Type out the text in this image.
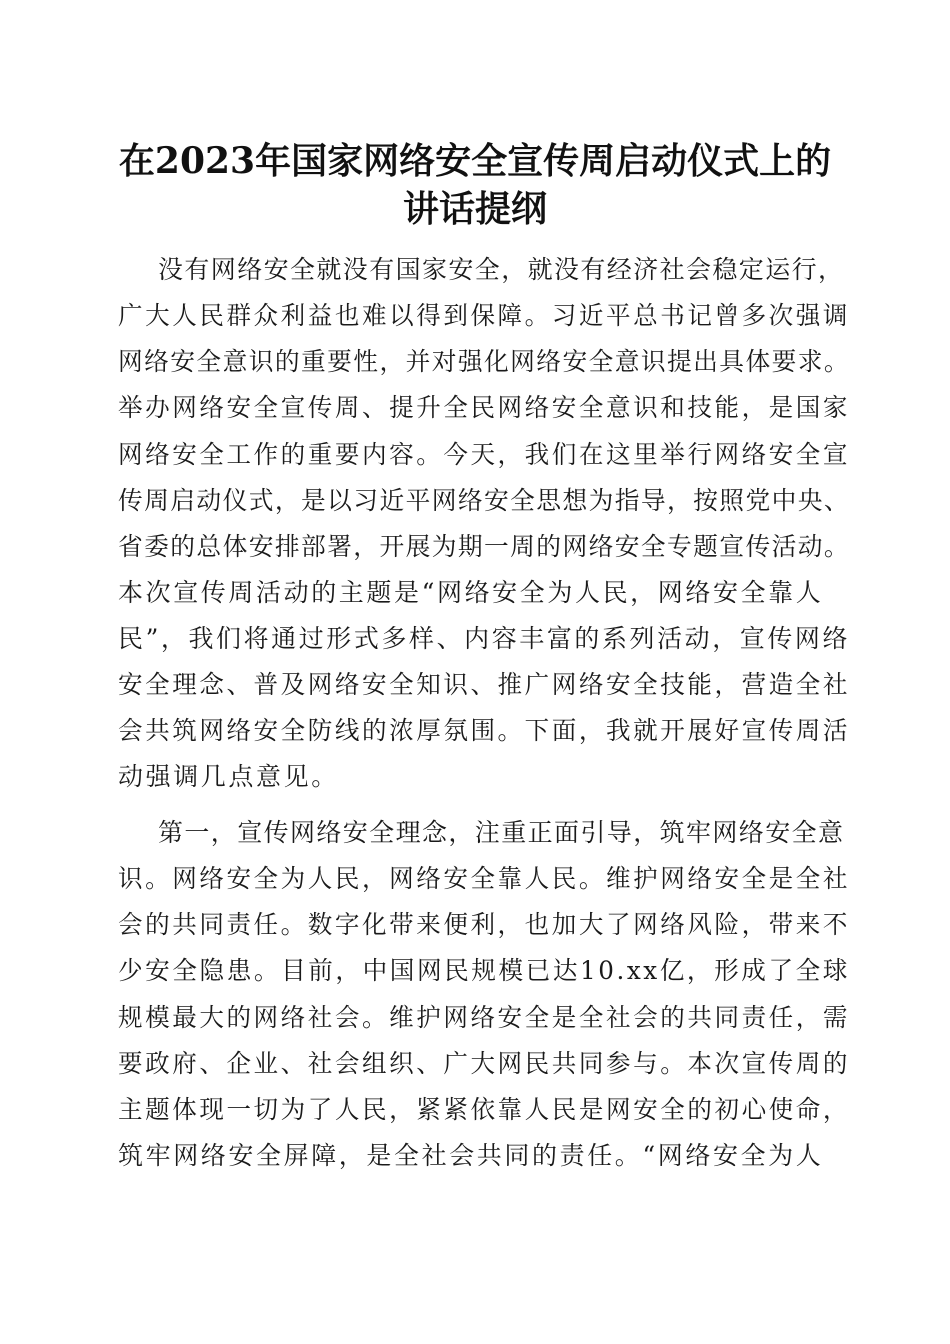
在2023年国家网络安全宣传周启动仪式上的
讲话提纲
没有网络安全就没有国家安全，就没有经济社会稳定运行，
广大人民群众利益也难以得到保障。习近平总书记曾多次强调
网络安全意识的重要性，并对强化网络安全意识提出具体要求。
举办网络安全宣传周、提升全民网络安全意识和技能，是国家
网络安全工作的重要内容。今天，我们在这里举行网络安全宣
传周启动仪式，是以习近平网络安全思想为指导，按照党中央、
省委的总体安排部署，开展为期一周的网络安全专题宣传活动。
本次宣传周活动的主题是“网络安全为人民，网络安全靠人
民”，我们将通过形式多样、内容丰富的系列活动，宣传网络
安全理念、普及网络安全知识、推广网络安全技能，营造全社
会共筑网络安全防线的浓厚氛围。下面，我就开展好宣传周活
动强调几点意见。
第一，宣传网络安全理念，注重正面引导，筑牢网络安全意
识。网络安全为人民，网络安全靠人民。维护网络安全是全社
会的共同责任。数字化带来便利，也加大了网络风险，带来不
少安全隐患。目前，中国网民规模已达10.xx亿，形成了全球
规模最大的网络社会。维护网络安全是全社会的共同责任，需
要政府、企业、社会组织、广大网民共同参与。本次宣传周的
主题体现一切为了人民，紧紧依靠人民是网安全的初心使命，
筑牢网络安全屏障，是全社会共同的责任。“网络安全为人
